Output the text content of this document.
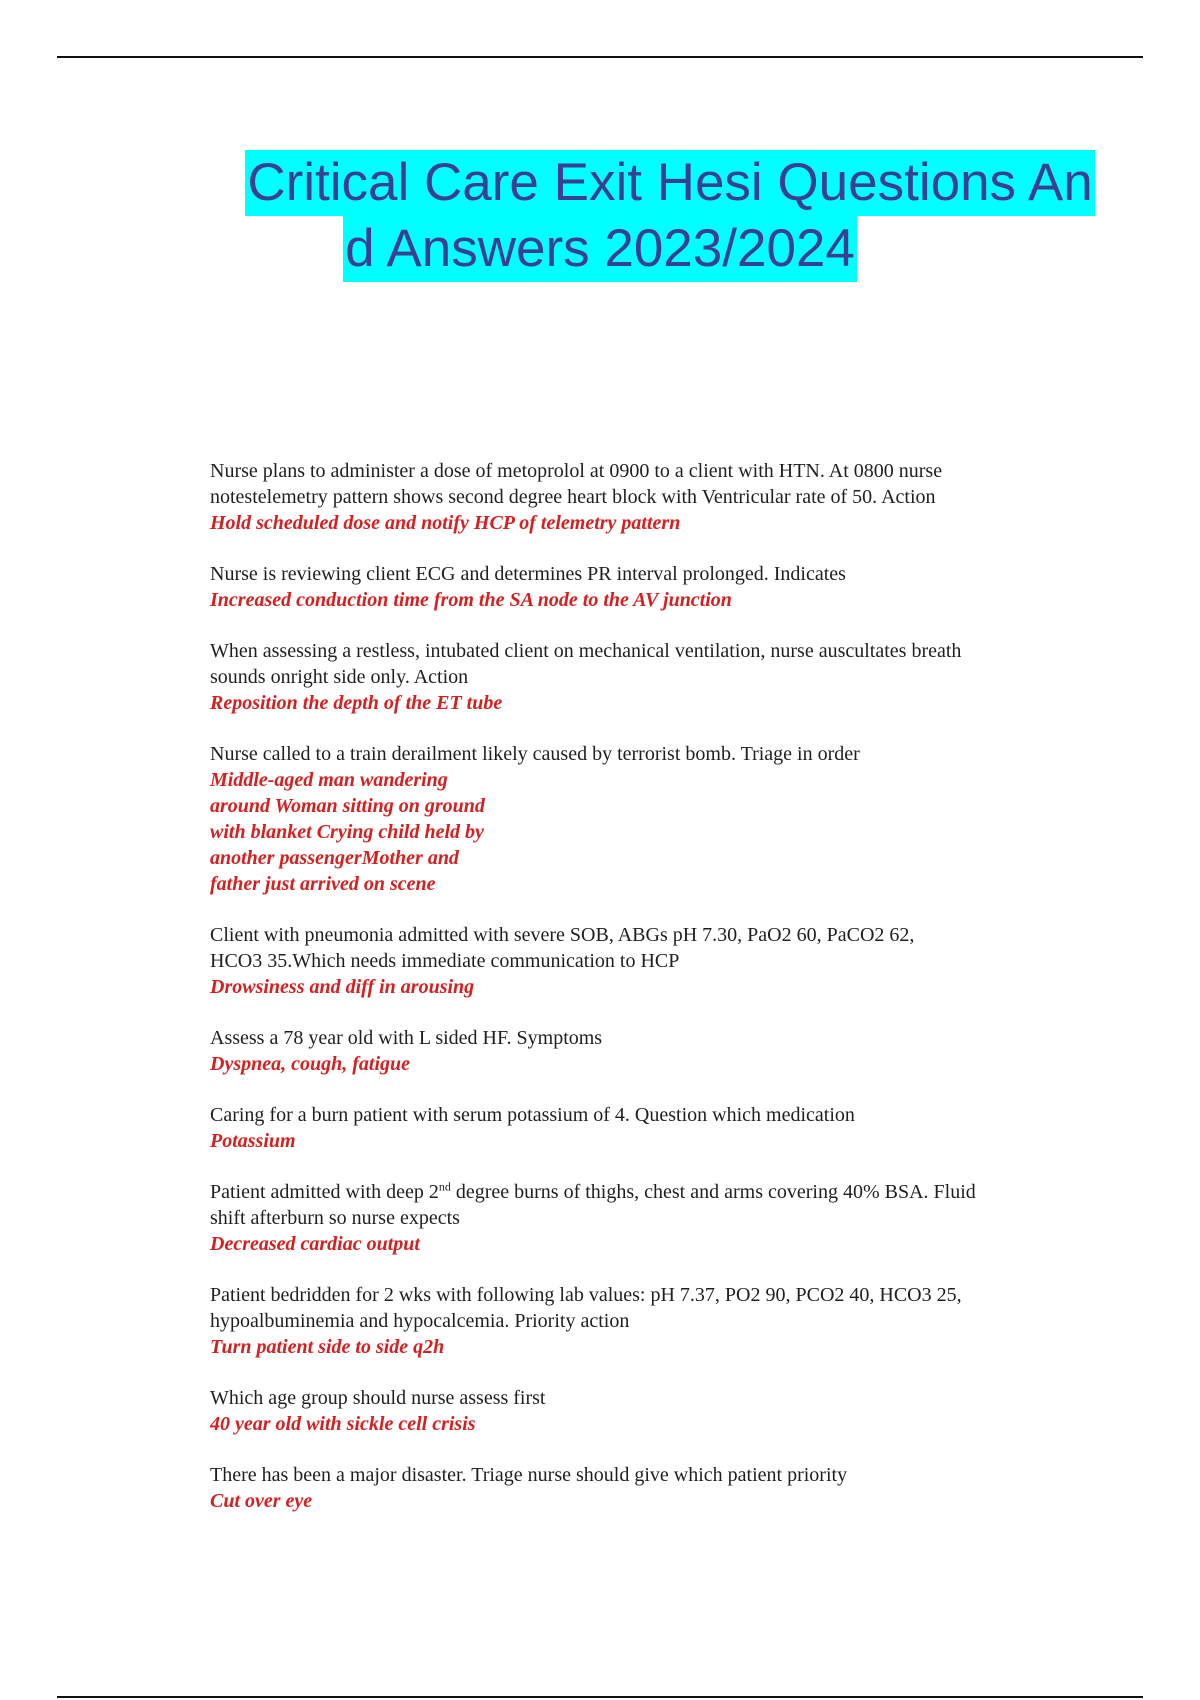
Critical Care Exit Hesi Questions An
d Answers 2023/2024
Nurse plans to administer a dose of metoprolol at 0900 to a client with HTN. At 0800 nurse
notestelemetry pattern shows second degree heart block with Ventricular rate of 50. Action
Hold scheduled dose and notify HCP of telemetry pattern
Nurse is reviewing client ECG and determines PR interval prolonged. Indicates
Increased conduction time from the SA node to the AV junction
When assessing a restless, intubated client on mechanical ventilation, nurse auscultates breath
sounds onright side only. Action
Reposition the depth of the ET tube
Nurse called to a train derailment likely caused by terrorist bomb. Triage in order
Middle-aged man wandering
around Woman sitting on ground
with blanket Crying child held by
another passengerMother and
father just arrived on scene
Client with pneumonia admitted with severe SOB, ABGs pH 7.30, PaO2 60, PaCO2 62,
HCO3 35.Which needs immediate communication to HCP
Drowsiness and diff in arousing
Assess a 78 year old with L sided HF. Symptoms
Dyspnea, cough, fatigue
Caring for a burn patient with serum potassium of 4. Question which medication
Potassium
Patient admitted with deep 2nd degree burns of thighs, chest and arms covering 40% BSA. Fluid
shift afterburn so nurse expects
Decreased cardiac output
Patient bedridden for 2 wks with following lab values: pH 7.37, PO2 90, PCO2 40, HCO3 25,
hypoalbuminemia and hypocalcemia. Priority action
Turn patient side to side q2h
Which age group should nurse assess first
40 year old with sickle cell crisis
There has been a major disaster. Triage nurse should give which patient priority
Cut over eye
